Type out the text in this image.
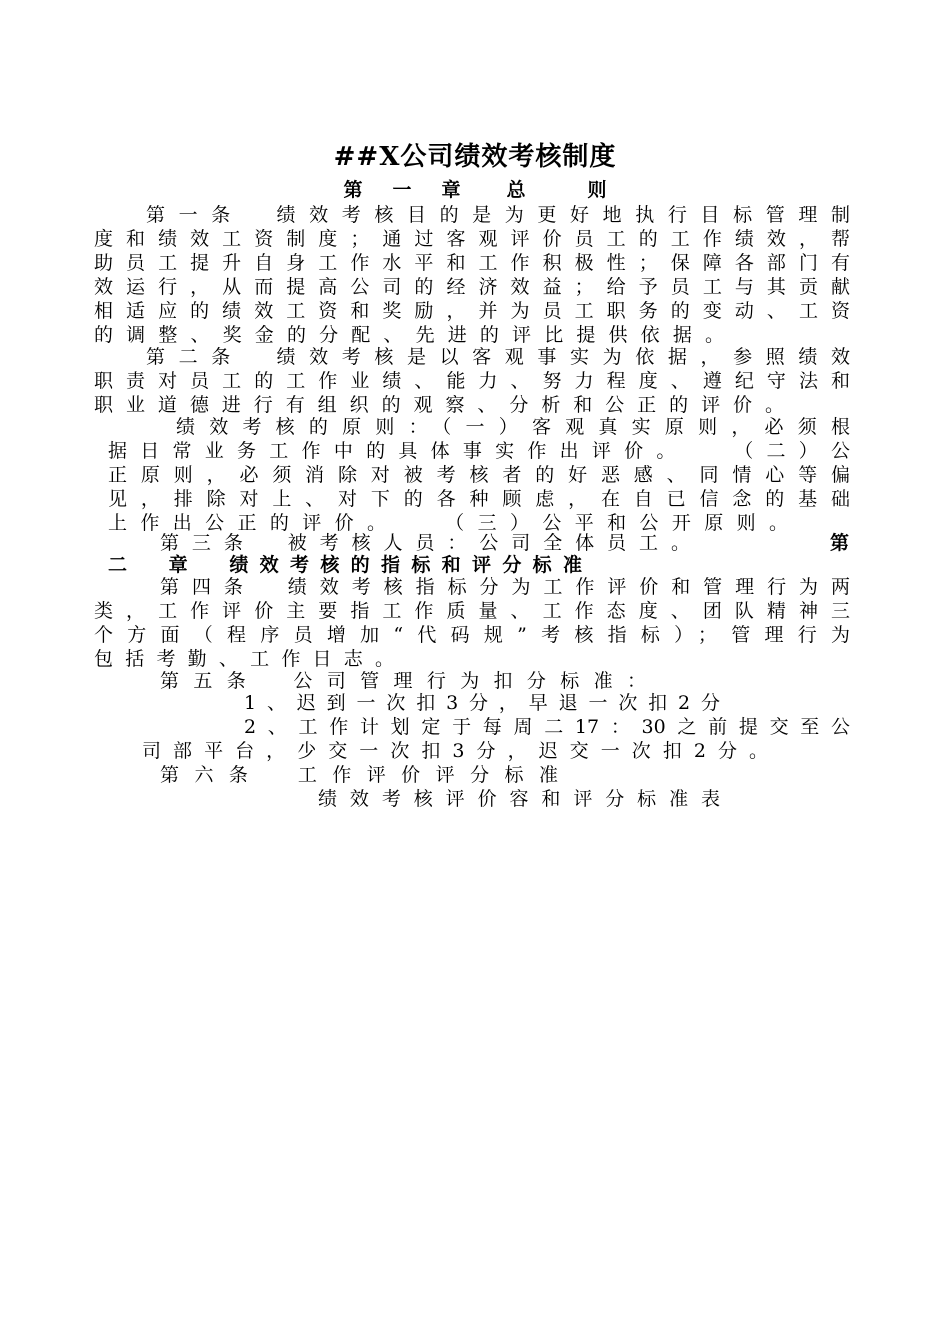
##X公司绩效考核制度
第 一 章 总	则
第一条　绩效考核目的是为更好地执行目标管理制
度和绩效工资制度；通过客观评价员工的工作绩效，帮
助员工提升自身工作水平和工作积极性；保障各部门有
效运行，从而提高公司的经济效益；给予员工与其贡献
相适应的绩效工资和奖励，并为员工职务的变动、工资
的调整、奖金的分配、先进的评比提供依据。
第二条　绩效考核是以客观事实为依据，参照绩效
职责对员工的工作业绩、能力、努力程度、遵纪守法和
职业道德进行有组织的观察、分析和公正的评价。
绩效考核的原则：（一）客观真实原则，必须根
据日常业务工作中的具体事实作出评价。　　（二）公
正原则，必须消除对被考核者的好恶感、同情心等偏
见，排除对上、对下的各种顾虑，在自已信念的基础
上作出公正的评价。　　（三）公平和公开原则。
第三条　被考核人员：公司全体员工。	第
二　章　绩效考核的指标和评分标准
第四条　绩效考核指标分为工作评价和管理行为两
类，工作评价主要指工作质量、工作态度、团队精神三
个方面（程序员增加“代码规”考核指标）；管理行为
包括考勤、工作日志。
第五条　公司管理行为扣分标准：
1、迟到一次扣3分，早退一次扣2分
2、工作计划定于每周二17：30之前提交至公
司部平台，少交一次扣3分，迟交一次扣2分。
第六条　工作评价评分标准
绩效考核评价容和评分标准表
